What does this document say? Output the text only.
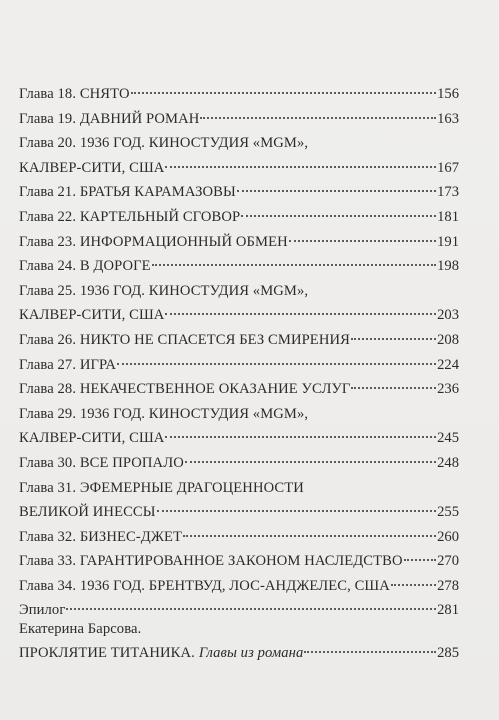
Глава 18. СНЯТО	156
Глава 19. ДАВНИЙ РОМАН	163
Глава 20. 1936 ГОД. КИНОСТУДИЯ «MGM»,
КАЛВЕР-СИТИ, США	167
Глава 21. БРАТЬЯ КАРАМАЗОВЫ	173
Глава 22. КАРТЕЛЬНЫЙ СГОВОР	181
Глава 23. ИНФОРМАЦИОННЫЙ ОБМЕН	191
Глава 24. В ДОРОГЕ	198
Глава 25. 1936 ГОД. КИНОСТУДИЯ «MGM»,
КАЛВЕР-СИТИ, США	203
Глава 26. НИКТО НЕ СПАСЕТСЯ БЕЗ СМИРЕНИЯ	208
Глава 27. ИГРА	224
Глава 28. НЕКАЧЕСТВЕННОЕ ОКАЗАНИЕ УСЛУГ	236
Глава 29. 1936 ГОД. КИНОСТУДИЯ «MGM»,
КАЛВЕР-СИТИ, США	245
Глава 30. ВСЕ ПРОПАЛО	248
Глава 31. ЭФЕМЕРНЫЕ ДРАГОЦЕННОСТИ
ВЕЛИКОЙ ИНЕССЫ	255
Глава 32. БИЗНЕС-ДЖЕТ	260
Глава 33. ГАРАНТИРОВАННОЕ ЗАКОНОМ НАСЛЕДСТВО 270
Глава 34. 1936 ГОД. БРЕНТВУД, ЛОС-АНДЖЕЛЕС, США	278
Эпилог	281
Екатерина Барсова.
ПРОКЛЯТИЕ ТИТАНИКА. Главы из романа	285
